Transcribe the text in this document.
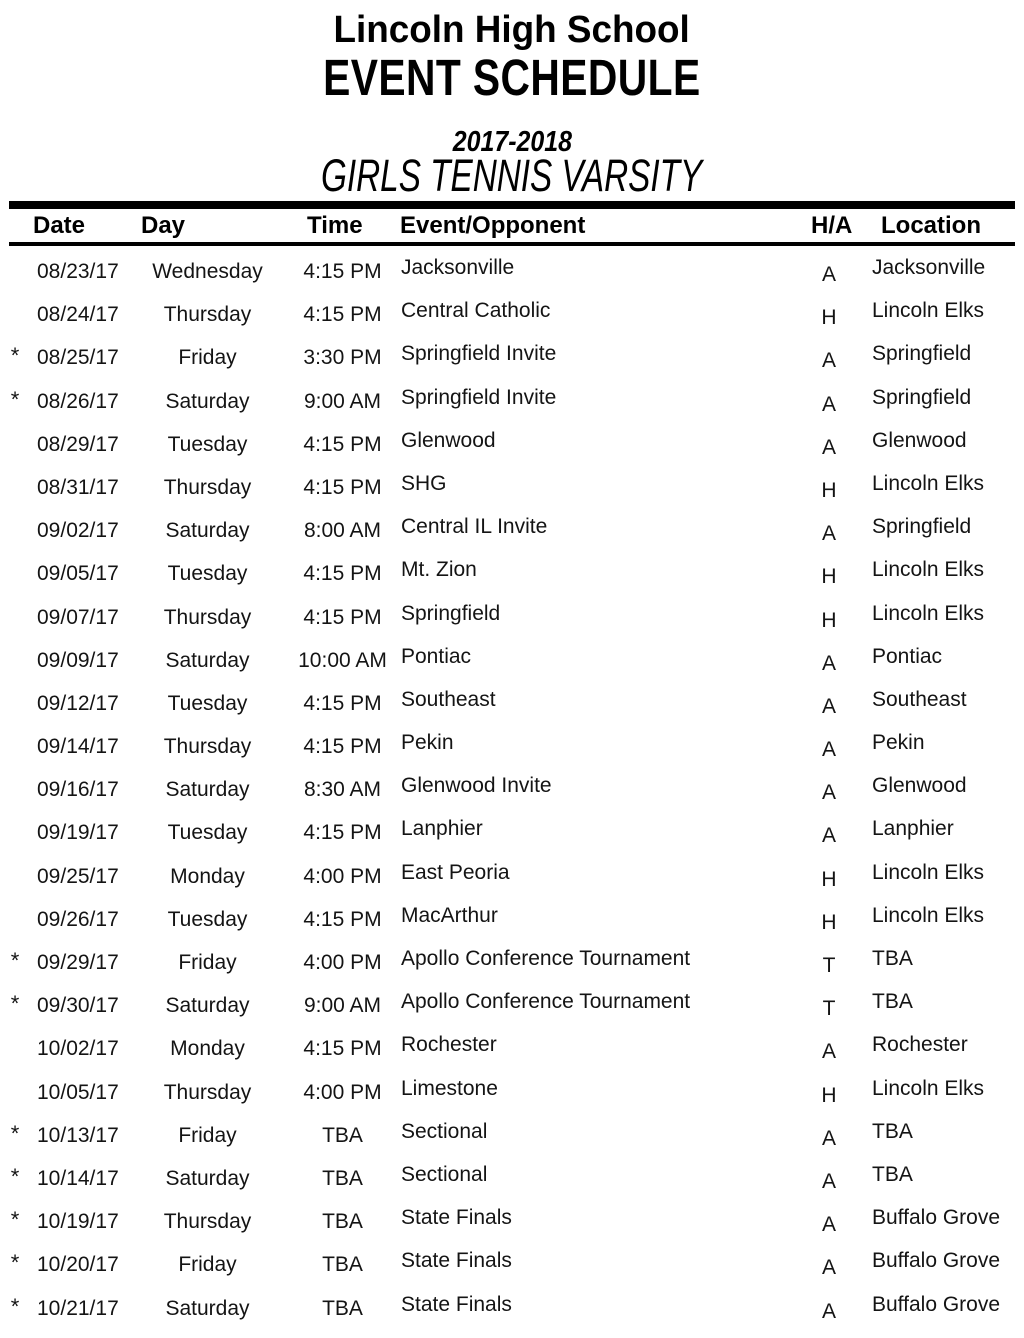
Lincoln High School
EVENT SCHEDULE
2017-2018
GIRLS TENNIS VARSITY
Date Day	Time Event/Opponent	H/A Location
08/23/17	Wednesday	4:15 PM Jacksonville	A	Jacksonville
08/24/17	Thursday	4:15 PM Central Catholic	H	Lincoln Elks
* 08/25/17	Friday	3:30 PM Springfield Invite	A	Springfield
* 08/26/17	Saturday	9:00 AM Springfield Invite	A	Springfield
08/29/17	Tuesday	4:15 PM Glenwood	A	Glenwood
08/31/17	Thursday	4:15 PM SHG	H	Lincoln Elks
09/02/17	Saturday	8:00 AM Central IL Invite	A	Springfield
09/05/17	Tuesday	4:15 PM Mt. Zion	H	Lincoln Elks
09/07/17	Thursday	4:15 PM Springfield	H	Lincoln Elks
09/09/17	Saturday	10:00 AM Pontiac	A	Pontiac
09/12/17	Tuesday	4:15 PM Southeast	A	Southeast
09/14/17	Thursday	4:15 PM Pekin	A	Pekin
09/16/17	Saturday	8:30 AM Glenwood Invite	A	Glenwood
09/19/17	Tuesday	4:15 PM Lanphier	A	Lanphier
09/25/17	Monday	4:00 PM East Peoria	H	Lincoln Elks
09/26/17	Tuesday	4:15 PM MacArthur	H	Lincoln Elks
* 09/29/17	Friday	4:00 PM Apollo Conference Tournament	T	TBA
* 09/30/17	Saturday	9:00 AM Apollo Conference Tournament	T	TBA
10/02/17	Monday	4:15 PM Rochester	A	Rochester
10/05/17	Thursday	4:00 PM Limestone	H	Lincoln Elks
* 10/13/17	Friday	TBA	Sectional	A	TBA
* 10/14/17	Saturday	TBA	Sectional	A	TBA
* 10/19/17	Thursday	TBA	State Finals	A	Buffalo Grove
* 10/20/17	Friday	TBA	State Finals	A	Buffalo Grove
* 10/21/17	Saturday	TBA	State Finals	A	Buffalo Grove
